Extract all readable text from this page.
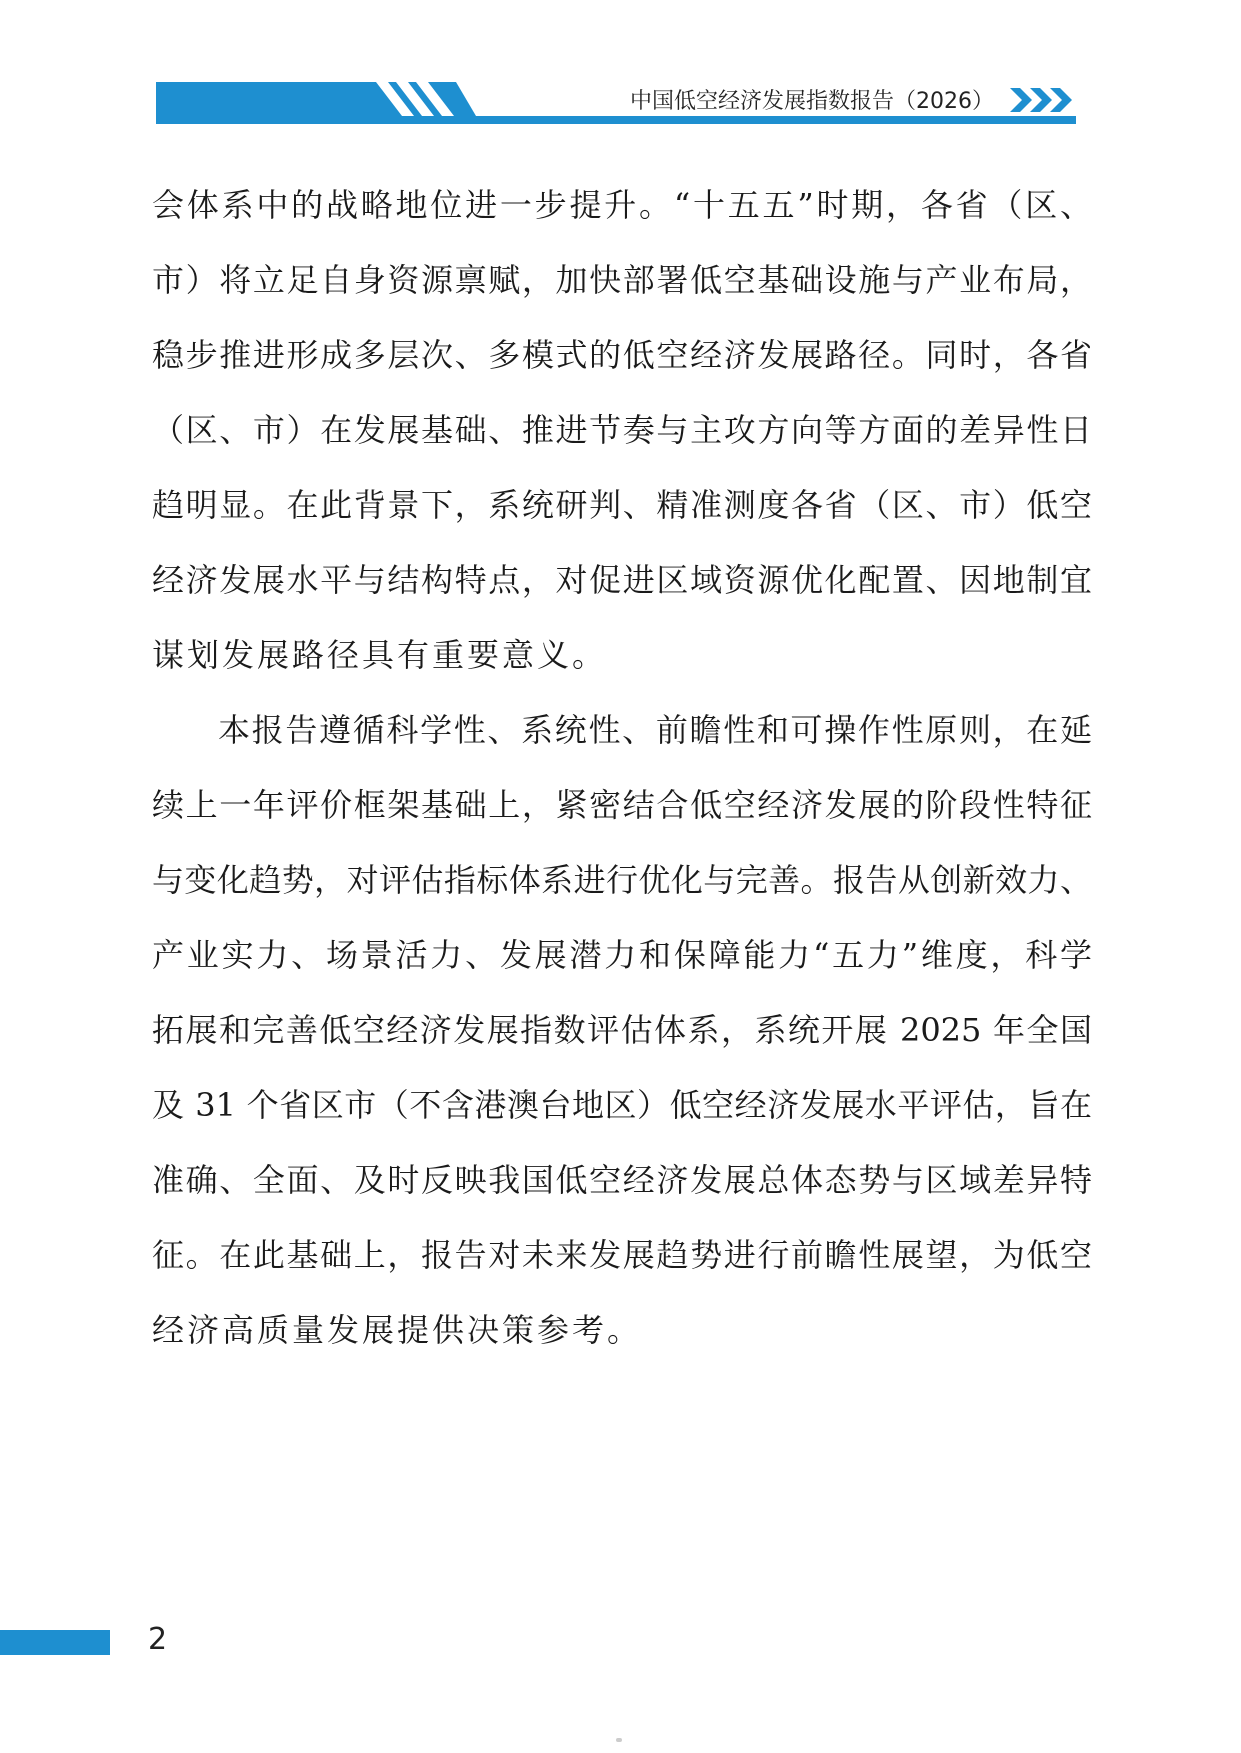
中国低空经济发展指数报告（2026）
会体系中的战略地位进一步提升。“十五五”时期，各省（区、
市）将立足自身资源禀赋，加快部署低空基础设施与产业布局，
稳步推进形成多层次、多模式的低空经济发展路径。同时，各省
（区、市）在发展基础、推进节奏与主攻方向等方面的差异性日
趋明显。在此背景下，系统研判、精准测度各省（区、市）低空
经济发展水平与结构特点，对促进区域资源优化配置、因地制宜
谋划发展路径具有重要意义。
本报告遵循科学性、系统性、前瞻性和可操作性原则，在延
续上一年评价框架基础上，紧密结合低空经济发展的阶段性特征
与变化趋势，对评估指标体系进行优化与完善。报告从创新效力、
产业实力、场景活力、发展潜力和保障能力“五力”维度，科学
拓展和完善低空经济发展指数评估体系，系统开展 2025 年全国
及 31 个省区市（不含港澳台地区）低空经济发展水平评估，旨在
准确、全面、及时反映我国低空经济发展总体态势与区域差异特
征。在此基础上，报告对未来发展趋势进行前瞻性展望，为低空
经济高质量发展提供决策参考。
2
